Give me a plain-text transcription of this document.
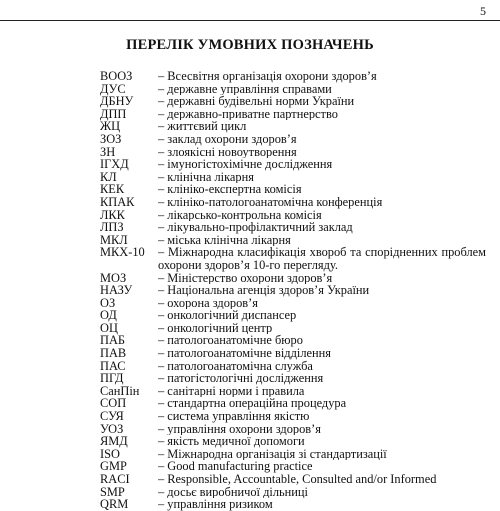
5
ПЕРЕЛІК УМОВНИХ ПОЗНАЧЕНЬ
ВООЗ	– Всесвітня організація охорони здоров’я
ДУС	– державне управління справами
ДБНУ	– державні будівельні норми України
ДПП	– державно-приватне партнерство
ЖЦ	– життєвий цикл
ЗОЗ	– заклад охорони здоров’я
ЗН	– злоякісні новоутворення
ІГХД	– імуногістохімічне дослідження
КЛ	– клінічна лікарня
КЕК	– клініко-експертна комісія
КПАК	– клініко-патологоанатомічна конференція
ЛКК	– лікарсько-контрольна комісія
ЛПЗ	– лікувально-профілактичний заклад
МКЛ	– міська клінічна лікарня
МКХ-10	– Міжнародна класифікація хвороб та спорідненних проблем охорони здоров’я 10-го перегляду.
МОЗ	– Міністерство охорони здоров’я
НАЗУ	– Національна агенція здоров’я України
ОЗ	– охорона здоров’я
ОД	– онкологічний диспансер
ОЦ	– онкологічний центр
ПАБ	– патологоанатомічне бюро
ПАВ	– патологоанатомічне відділення
ПАС	– патологоанатомічна служба
ПГД	– патогістологічні дослідження
СанПін	– санітарні норми і правила
СОП	– стандартна операційна процедура
СУЯ	– система управління якістю
УОЗ	– управління охорони здоров’я
ЯМД	– якість медичної допомоги
ISO	– Міжнародна організація зі стандартизації
GMP	– Good manufacturing practice
RACI	– Responsible, Accountable, Consulted and/or Informed
SMP	– досьє виробничої дільниці
QRM	– управління ризиком
